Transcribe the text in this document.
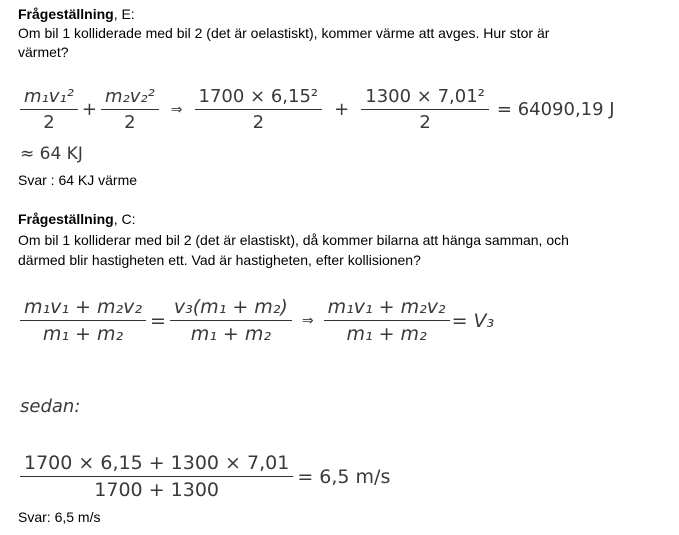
Frågeställning, E:
Om bil 1 kolliderade med bil 2 (det är oelastiskt), kommer värme att avges. Hur stor är
värmet?
$\frac{\text{m₁v₁²}}{2} + \frac{\text{m₂v₂²}}{2}$ ⇒ $\frac{\text{1700 × 6,15²}}{2} + \frac{\text{1300 × 7,01²}}{2} = 64090,19$ J
≈ 64 KJ
Svar : 64 KJ värme
Frågeställning, C:
Om bil 1 kolliderar med bil 2 (det är elastiskt), då kommer bilarna att hänga samman, och
därmed blir hastigheten ett. Vad är hastigheten, efter kollisionen?
$\frac{\text{m₁v₁ + m₂v₂}}{\text{m₁ + m₂}} = \frac{\text{v₃(m₁ + m₂)}}{\text{m₁ + m₂}}$ ⇒ $\frac{\text{m₁v₁ + m₂v₂}}{\text{m₁ + m₂}} = V_3$
sedan:
$\frac{1700 \times 6,15 + 1300 \times 7,01}{1700 + 1300} = 6,5$ m/s
Svar: 6,5 m/s
